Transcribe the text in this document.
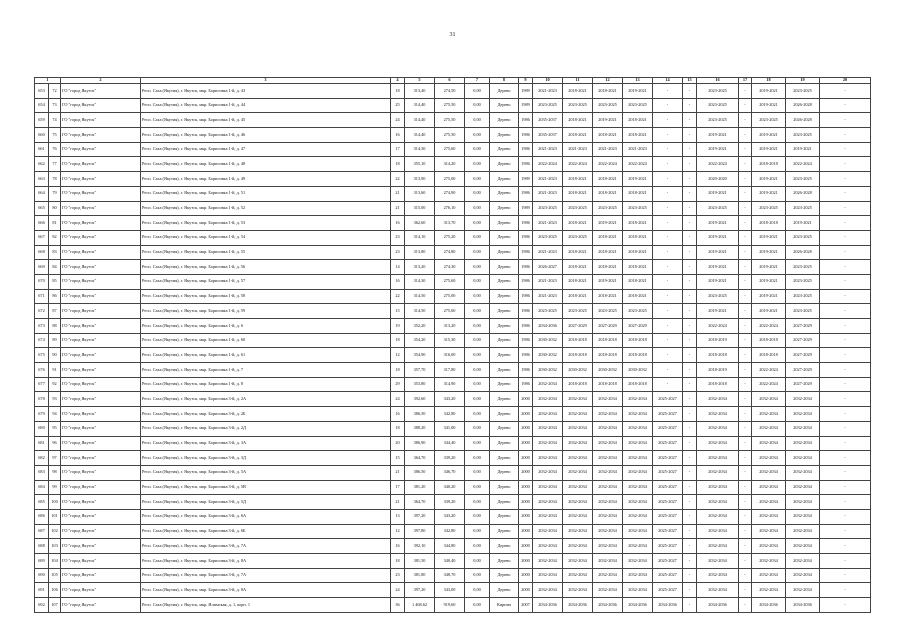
31
1		2	3	4	5	6	7	8	9	10	11	12	13	14	15	16	17	18	19	20
653	72	ГО "город Якутск"	Респ. Саха (Якутия), г. Якутск, мкр. Борисовка 1-й, д. 43	18	313,40	274,50	0,00	Дерево	1989	2021-2023	2018-2021	2018-2021	2019-2021	-	-	2023-2025	-	2019-2021	2023-2025	-
654	73	ГО "город Якутск"	Респ. Саха (Якутия), г. Якутск, мкр. Борисовка 1-й, д. 44	25	314,40	275,50	0,00	Дерево	1989	2023-2025	2023-2025	2023-2025	2023-2025	-	-	2023-2025	-	2019-2021	2026-2028	-
659	74	ГО "город Якутск"	Респ. Саха (Якутия), г. Якутск, мкр. Борисовка 1-й, д. 45	24	314,40	275,50	0,00	Дерево	1986	2035-2037	2018-2021	2019-2021	2018-2021	-	-	2023-2025	-	2023-2025	2026-2028	-
660	75	ГО "город Якутск"	Респ. Саха (Якутия), г. Якутск, мкр. Борисовка 1-й, д. 46	16	314,40	275,50	0,00	Дерево	1986	2035-2037	2018-2021	2018-2021	2018-2021	-	-	2019-2021	-	2019-2021	2023-2025	-
661	76	ГО "город Якутск"	Респ. Саха (Якутия), г. Якутск, мкр. Борисовка 1-й, д. 47	17	314,30	275,60	0,00	Дерево	1986	2021-2023	2021-2023	2021-2023	2021-2023	-	-	2019-2021	-	2019-2021	2019-2021	-
662	77	ГО "город Якутск"	Респ. Саха (Якутия), г. Якутск, мкр. Борисовка 1-й, д. 48	18	355,10	314,20	0,00	Дерево	1986	2022-2024	2022-2024	2022-2024	2022-2024	-	-	2022-2024	-	2018-2018	2022-2024	-
663	78	ГО "город Якутск"	Респ. Саха (Якутия), г. Якутск, мкр. Борисовка 1-й, д. 49	22	313,90	275,00	0,00	Дерево	1989	2021-2023	2018-2021	2018-2021	2019-2021	-	-	2020-2020	-	2019-2021	2023-2025	-
664	79	ГО "город Якутск"	Респ. Саха (Якутия), г. Якутск, мкр. Борисовка 1-й, д. 51	21	313,60	274,90	0,00	Дерево	1986	2021-2023	2018-2021	2018-2021	2018-2021	-	-	2019-2021	-	2019-2021	2026-2028	-
665	80	ГО "город Якутск"	Респ. Саха (Якутия), г. Якутск, мкр. Борисовка 1-й, д. 52	21	315,00	276,10	0,00	Дерево	1989	2023-2025	2023-2025	2023-2025	2023-2025	-	-	2023-2025	-	2023-2025	2023-2025	-
666	81	ГО "город Якутск"	Респ. Саха (Якутия), г. Якутск, мкр. Борисовка 1-й, д. 53	16	362,60	313,70	0,00	Дерево	1986	2021-2023	2018-2021	2019-2021	2018-2021	-	-	2019-2021	-	2018-2018	2019-2021	-
667	82	ГО "город Якутск"	Респ. Саха (Якутия), г. Якутск, мкр. Борисовка 1-й, д. 54	23	314,10	275,20	0,00	Дерево	1986	2023-2025	2023-2025	2018-2021	2018-2021	-	-	2019-2021	-	2019-2021	2023-2025	-
668	83	ГО "город Якутск"	Респ. Саха (Якутия), г. Якутск, мкр. Борисовка 1-й, д. 55	23	313,80	274,80	0,00	Дерево	1986	2021-2023	2018-2021	2018-2021	2018-2021	-	-	2019-2021	-	2019-2021	2026-2028	-
669	84	ГО "город Якутск"	Респ. Саха (Якутия), г. Якутск, мкр. Борисовка 1-й, д. 56	14	313,20	274,30	0,00	Дерево	1986	2026-2027	2018-2021	2018-2021	2018-2021	-	-	2019-2021	-	2019-2021	2023-2025	-
670	85	ГО "город Якутск"	Респ. Саха (Якутия), г. Якутск, мкр. Борисовка 1-й, д. 57	16	314,30	275,60	0,00	Дерево	1986	2021-2023	2018-2021	2019-2021	2018-2021	-	-	2019-2021	-	2019-2021	2023-2025	-
671	86	ГО "город Якутск"	Респ. Саха (Якутия), г. Якутск, мкр. Борисовка 1-й, д. 58	22	314,50	275,00	0,00	Дерево	1986	2021-2023	2018-2021	2018-2021	2018-2021	-	-	2023-2025	-	2019-2021	2023-2025	-
672	87	ГО "город Якутск"	Респ. Саха (Якутия), г. Якутск, мкр. Борисовка 1-й, д. 59	15	314,50	275,60	0,00	Дерево	1986	2023-2025	2023-2025	2023-2025	2023-2025	-	-	2019-2021	-	2019-2021	2023-2025	-
673	88	ГО "город Якутск"	Респ. Саха (Якутия), г. Якутск, мкр. Борисовка 1-й, д. 6	19	352,20	313,20	0,00	Дерево	1986	2034-2036	2027-2029	2027-2029	2027-2029	-	-	2022-2024	-	2022-2024	2027-2029	-
674	89	ГО "город Якутск"	Респ. Саха (Якутия), г. Якутск, мкр. Борисовка 1-й, д. 60	18	354,20	315,30	0,00	Дерево	1986	2030-2032	2018-2018	2018-2018	2018-2018	-	-	2018-2019	-	2018-2018	2027-2029	-
675	90	ГО "город Якутск"	Респ. Саха (Якутия), г. Якутск, мкр. Борисовка 1-й, д. 61	12	354,90	316,00	0,00	Дерево	1986	2030-2032	2018-2018	2018-2018	2018-2018	-	-	2018-2018	-	2018-2018	2027-2029	-
676	91	ГО "город Якутск"	Респ. Саха (Якутия), г. Якутск, мкр. Борисовка 1-й, д. 7	18	357,70	317,80	0,00	Дерево	1986	2030-2032	2030-2032	2030-2032	2030-2032	-	-	2018-2019	-	2022-2024	2027-2029	-
677	92	ГО "город Якутск"	Респ. Саха (Якутия), г. Якутск, мкр. Борисовка 1-й, д. 8	29	353,80	314,90	0,00	Дерево	1986	2032-2034	2018-2018	2018-2018	2018-2018	-	-	2018-2018	-	2022-2024	2027-2029	-
678	93	ГО "город Якутск"	Респ. Саха (Якутия), г. Якутск, мкр. Борисовка 3-й, д. 2А	24	392,60	343,20	0,00	Дерево	2000	2032-2034	2032-2034	2032-2034	2032-2034	2025-2027	-	2032-2034	-	2032-2034	2032-2034	-
679	94	ГО "город Якутск"	Респ. Саха (Якутия), г. Якутск, мкр. Борисовка 3-й, д. 2Б	16	386,50	342,80	0,00	Дерево	2000	2032-2034	2032-2034	2032-2034	2032-2034	2025-2027	-	2032-2034	-	2032-2034	2032-2034	-
680	95	ГО "город Якутск"	Респ. Саха (Якутия), г. Якутск, мкр. Борисовка 3-й, д. 2Д	18	388,20	341,00	0,00	Дерево	2000	2032-2034	2032-2034	2032-2034	2032-2034	2025-2027	-	2032-2034	-	2032-2034	2032-2034	-
681	96	ГО "город Якутск"	Респ. Саха (Якутия), г. Якутск, мкр. Борисовка 3-й, д. 3А	20	386,90	344,40	0,00	Дерево	2000	2032-2034	2032-2034	2032-2034	2032-2034	2025-2027	-	2032-2034	-	2032-2034	2032-2034	-
682	97	ГО "город Якутск"	Респ. Саха (Якутия), г. Якутск, мкр. Борисовка 3-й, д. 3Д	15	364,70	339,20	0,00	Дерево	2000	2032-2034	2032-2034	2032-2034	2032-2034	2025-2027	-	2032-2034	-	2032-2034	2032-2034	-
683	98	ГО "город Якутск"	Респ. Саха (Якутия), г. Якутск, мкр. Борисовка 3-й, д. 5А	21	386,50	346,70	0,00	Дерево	2000	2032-2034	2032-2034	2032-2034	2032-2034	2025-2027	-	2032-2034	-	2032-2034	2032-2034	-
684	99	ГО "город Якутск"	Респ. Саха (Якутия), г. Якутск, мкр. Борисовка 3-й, д. 5В	17	381,20	340,20	0,00	Дерево	2000	2032-2034	2032-2034	2032-2034	2032-2034	2025-2027	-	2032-2034	-	2032-2034	2032-2034	-
685	100	ГО "город Якутск"	Респ. Саха (Якутия), г. Якутск, мкр. Борисовка 3-й, д. 5Д	21	364,70	339,20	0,00	Дерево	2000	2032-2034	2032-2034	2032-2034	2032-2034	2025-2027	-	2032-2034	-	2032-2034	2032-2034	-
686	101	ГО "город Якутск"	Респ. Саха (Якутия), г. Якутск, мкр. Борисовка 3-й, д. 6А	13	397,20	343,20	0,00	Дерево	2000	2032-2034	2032-2034	2032-2034	2032-2034	2025-2027	-	2032-2034	-	2032-2034	2032-2034	-
687	102	ГО "город Якутск"	Респ. Саха (Якутия), г. Якутск, мкр. Борисовка 3-й, д. 6Б	12	397,80	342,80	0,00	Дерево	2000	2032-2034	2032-2034	2032-2034	2032-2034	2025-2027	-	2032-2034	-	2032-2034	2032-2034	-
688	103	ГО "город Якутск"	Респ. Саха (Якутия), г. Якутск, мкр. Борисовка 3-й, д. 7А	16	392,10	344,80	0,00	Дерево	2000	2032-2034	2032-2034	2032-2034	2032-2034	2025-2027	-	2032-2034	-	2032-2034	2032-2034	-
689	104	ГО "город Якутск"	Респ. Саха (Якутия), г. Якутск, мкр. Борисовка 3-й, д. 8А	18	381,50	340,40	0,00	Дерево	2000	2032-2034	2032-2034	2032-2034	2032-2034	2025-2027	-	2032-2034	-	2032-2034	2032-2034	-
690	105	ГО "город Якутск"	Респ. Саха (Якутия), г. Якутск, мкр. Борисовка 3-й, д. 7А	23	381,80	348,70	0,00	Дерево	2000	2032-2034	2032-2034	2032-2034	2032-2034	2025-2027	-	2032-2034	-	2032-2034	2032-2034	-
691	106	ГО "город Якутск"	Респ. Саха (Якутия), г. Якутск, мкр. Борисовка 3-й, д. 8А	24	397,20	343,00	0,00	Дерево	2000	2032-2034	2032-2034	2032-2034	2032-2034	2025-2027	-	2032-2034	-	2032-2034	2032-2034	-
692	107	ГО "город Якутск"	Респ. Саха (Якутия), г. Якутск, мкр. Илимская, д. 1, корп. 1	36	1 468,62	919,60	0,00	Кирпич	2007	2034-2036	2034-2036	2034-2036	2034-2036	2034-2036	-	2034-2036	-	2034-2036	2034-2036	-
